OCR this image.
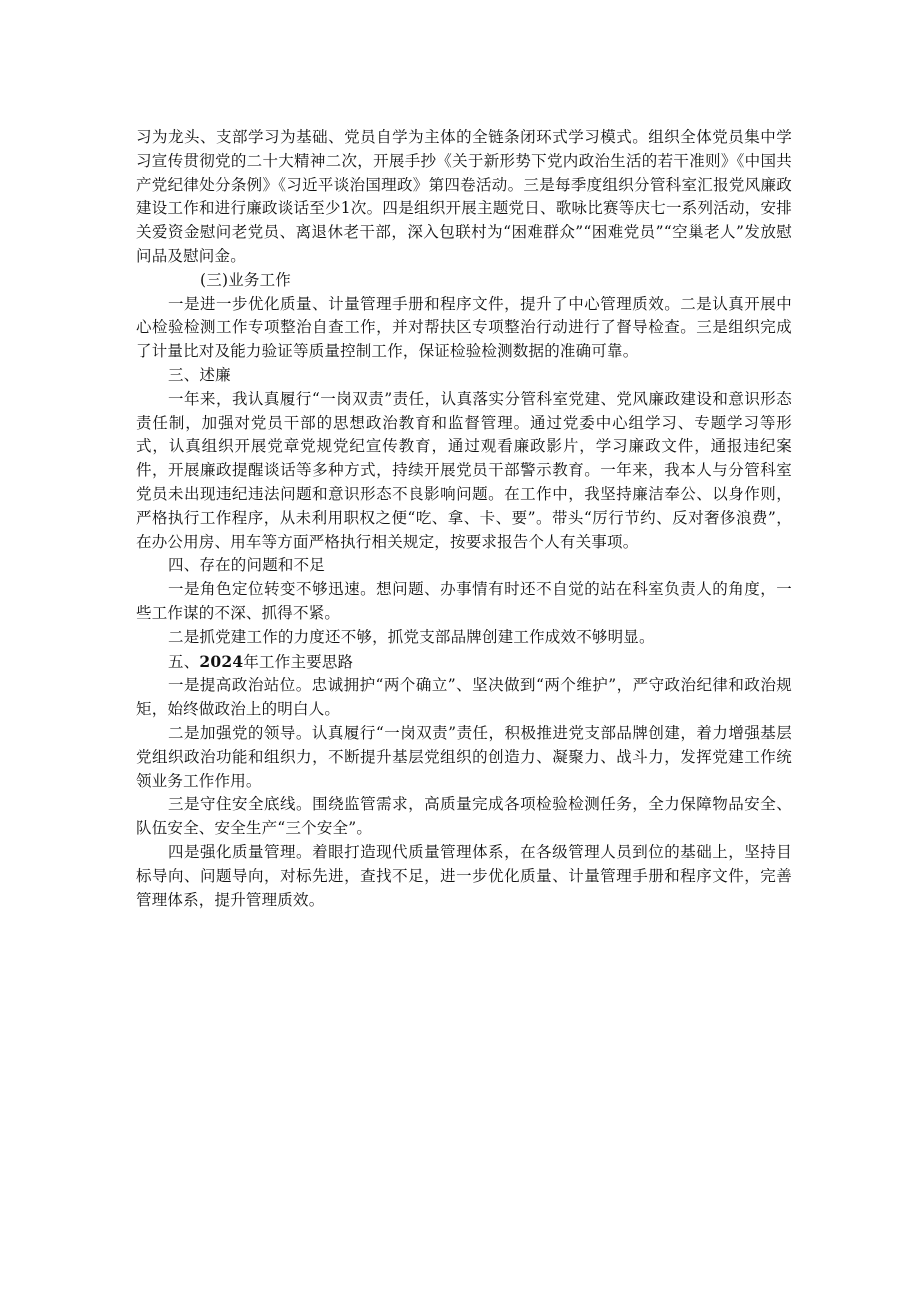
习为龙头、支部学习为基础、党员自学为主体的全链条闭环式学习模式。组织全体党员集中学习宣传贯彻党的二十大精神二次，开展手抄《关于新形势下党内政治生活的若干准则》《中国共产党纪律处分条例》《习近平谈治国理政》第四卷活动。三是每季度组织分管科室汇报党风廉政建设工作和进行廉政谈话至少1次。四是组织开展主题党日、歌咏比赛等庆七一系列活动，安排关爱资金慰问老党员、离退休老干部，深入包联村为“困难群众”“困难党员”“空巢老人”发放慰问品及慰问金。

(三)业务工作

一是进一步优化质量、计量管理手册和程序文件，提升了中心管理质效。二是认真开展中心检验检测工作专项整治自查工作，并对帮扶区专项整治行动进行了督导检查。三是组织完成了计量比对及能力验证等质量控制工作，保证检验检测数据的准确可靠。

三、述廉

一年来，我认真履行“一岗双责”责任，认真落实分管科室党建、党风廉政建设和意识形态责任制，加强对党员干部的思想政治教育和监督管理。通过党委中心组学习、专题学习等形式，认真组织开展党章党规党纪宣传教育，通过观看廉政影片，学习廉政文件，通报违纪案件，开展廉政提醒谈话等多种方式，持续开展党员干部警示教育。一年来，我本人与分管科室党员未出现违纪违法问题和意识形态不良影响问题。在工作中，我坚持廉洁奉公、以身作则，严格执行工作程序，从未利用职权之便“吃、拿、卡、要”。带头“厉行节约、反对奢侈浪费”，在办公用房、用车等方面严格执行相关规定，按要求报告个人有关事项。

四、存在的问题和不足

一是角色定位转变不够迅速。想问题、办事情有时还不自觉的站在科室负责人的角度，一些工作谋的不深、抓得不紧。

二是抓党建工作的力度还不够，抓党支部品牌创建工作成效不够明显。

五、2024年工作主要思路

一是提高政治站位。忠诚拥护“两个确立”、坚决做到“两个维护”，严守政治纪律和政治规矩，始终做政治上的明白人。

二是加强党的领导。认真履行“一岗双责”责任，积极推进党支部品牌创建，着力增强基层党组织政治功能和组织力，不断提升基层党组织的创造力、凝聚力、战斗力，发挥党建工作统领业务工作作用。

三是守住安全底线。围绕监管需求，高质量完成各项检验检测任务，全力保障物品安全、队伍安全、安全生产“三个安全”。

四是强化质量管理。着眼打造现代质量管理体系，在各级管理人员到位的基础上，坚持目标导向、问题导向，对标先进，查找不足，进一步优化质量、计量管理手册和程序文件，完善管理体系，提升管理质效。
